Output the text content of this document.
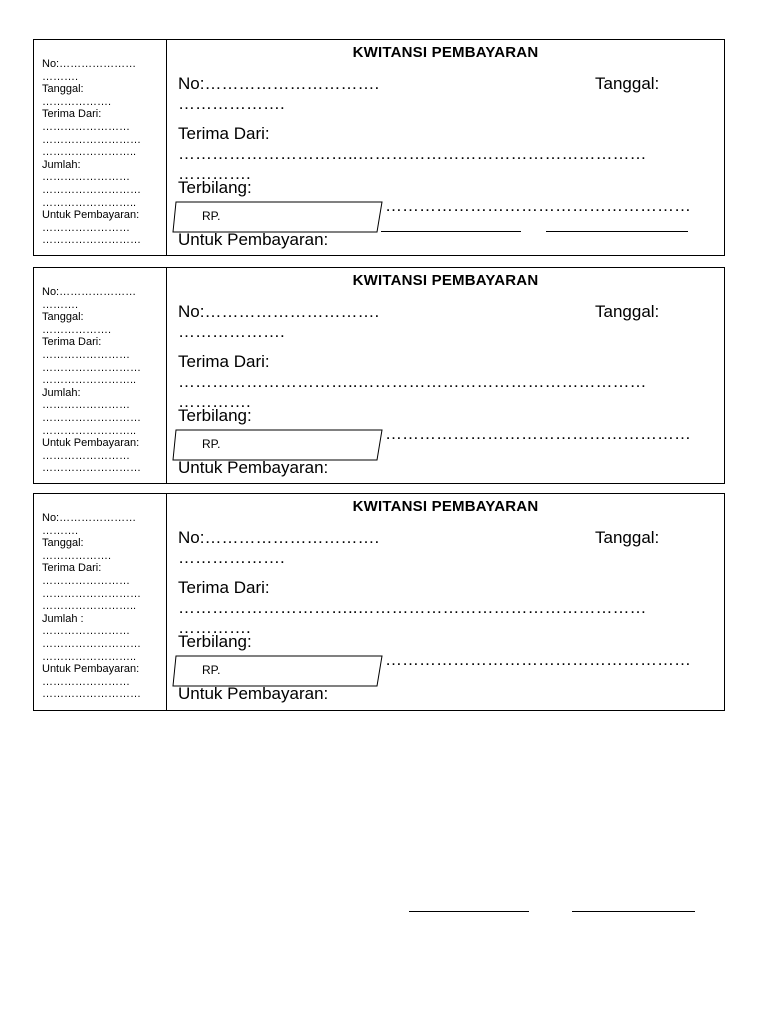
No:…………………
……….
Tanggal:
……………….
Terima Dari:
……………………
………………………
……………………..
Jumlah:
……………………
………………………
……………………..
Untuk Pembayaran:
……………………
………………………
KWITANSI PEMBAYARAN
No:………………………….	Tanggal:
……………….
Terima Dari:
…………………………..……………………………………………
………….
Terbilang:
………………………………………………
RP.
Untuk Pembayaran:
No:…………………
……….
Tanggal:
……………….
Terima Dari:
……………………
………………………
……………………..
Jumlah:
……………………
………………………
……………………..
Untuk Pembayaran:
……………………
………………………
KWITANSI PEMBAYARAN
No:………………………….	Tanggal:
……………….
Terima Dari:
…………………………..……………………………………………
………….
Terbilang:
………………………………………………
RP.
Untuk Pembayaran:
No:…………………
……….
Tanggal:
……………….
Terima Dari:
……………………
………………………
……………………..
Jumlah :
……………………
………………………
……………………..
Untuk Pembayaran:
……………………
………………………
KWITANSI PEMBAYARAN
No:………………………….	Tanggal:
……………….
Terima Dari:
…………………………..……………………………………………
………….
Terbilang:
………………………………………………
RP.
Untuk Pembayaran:
